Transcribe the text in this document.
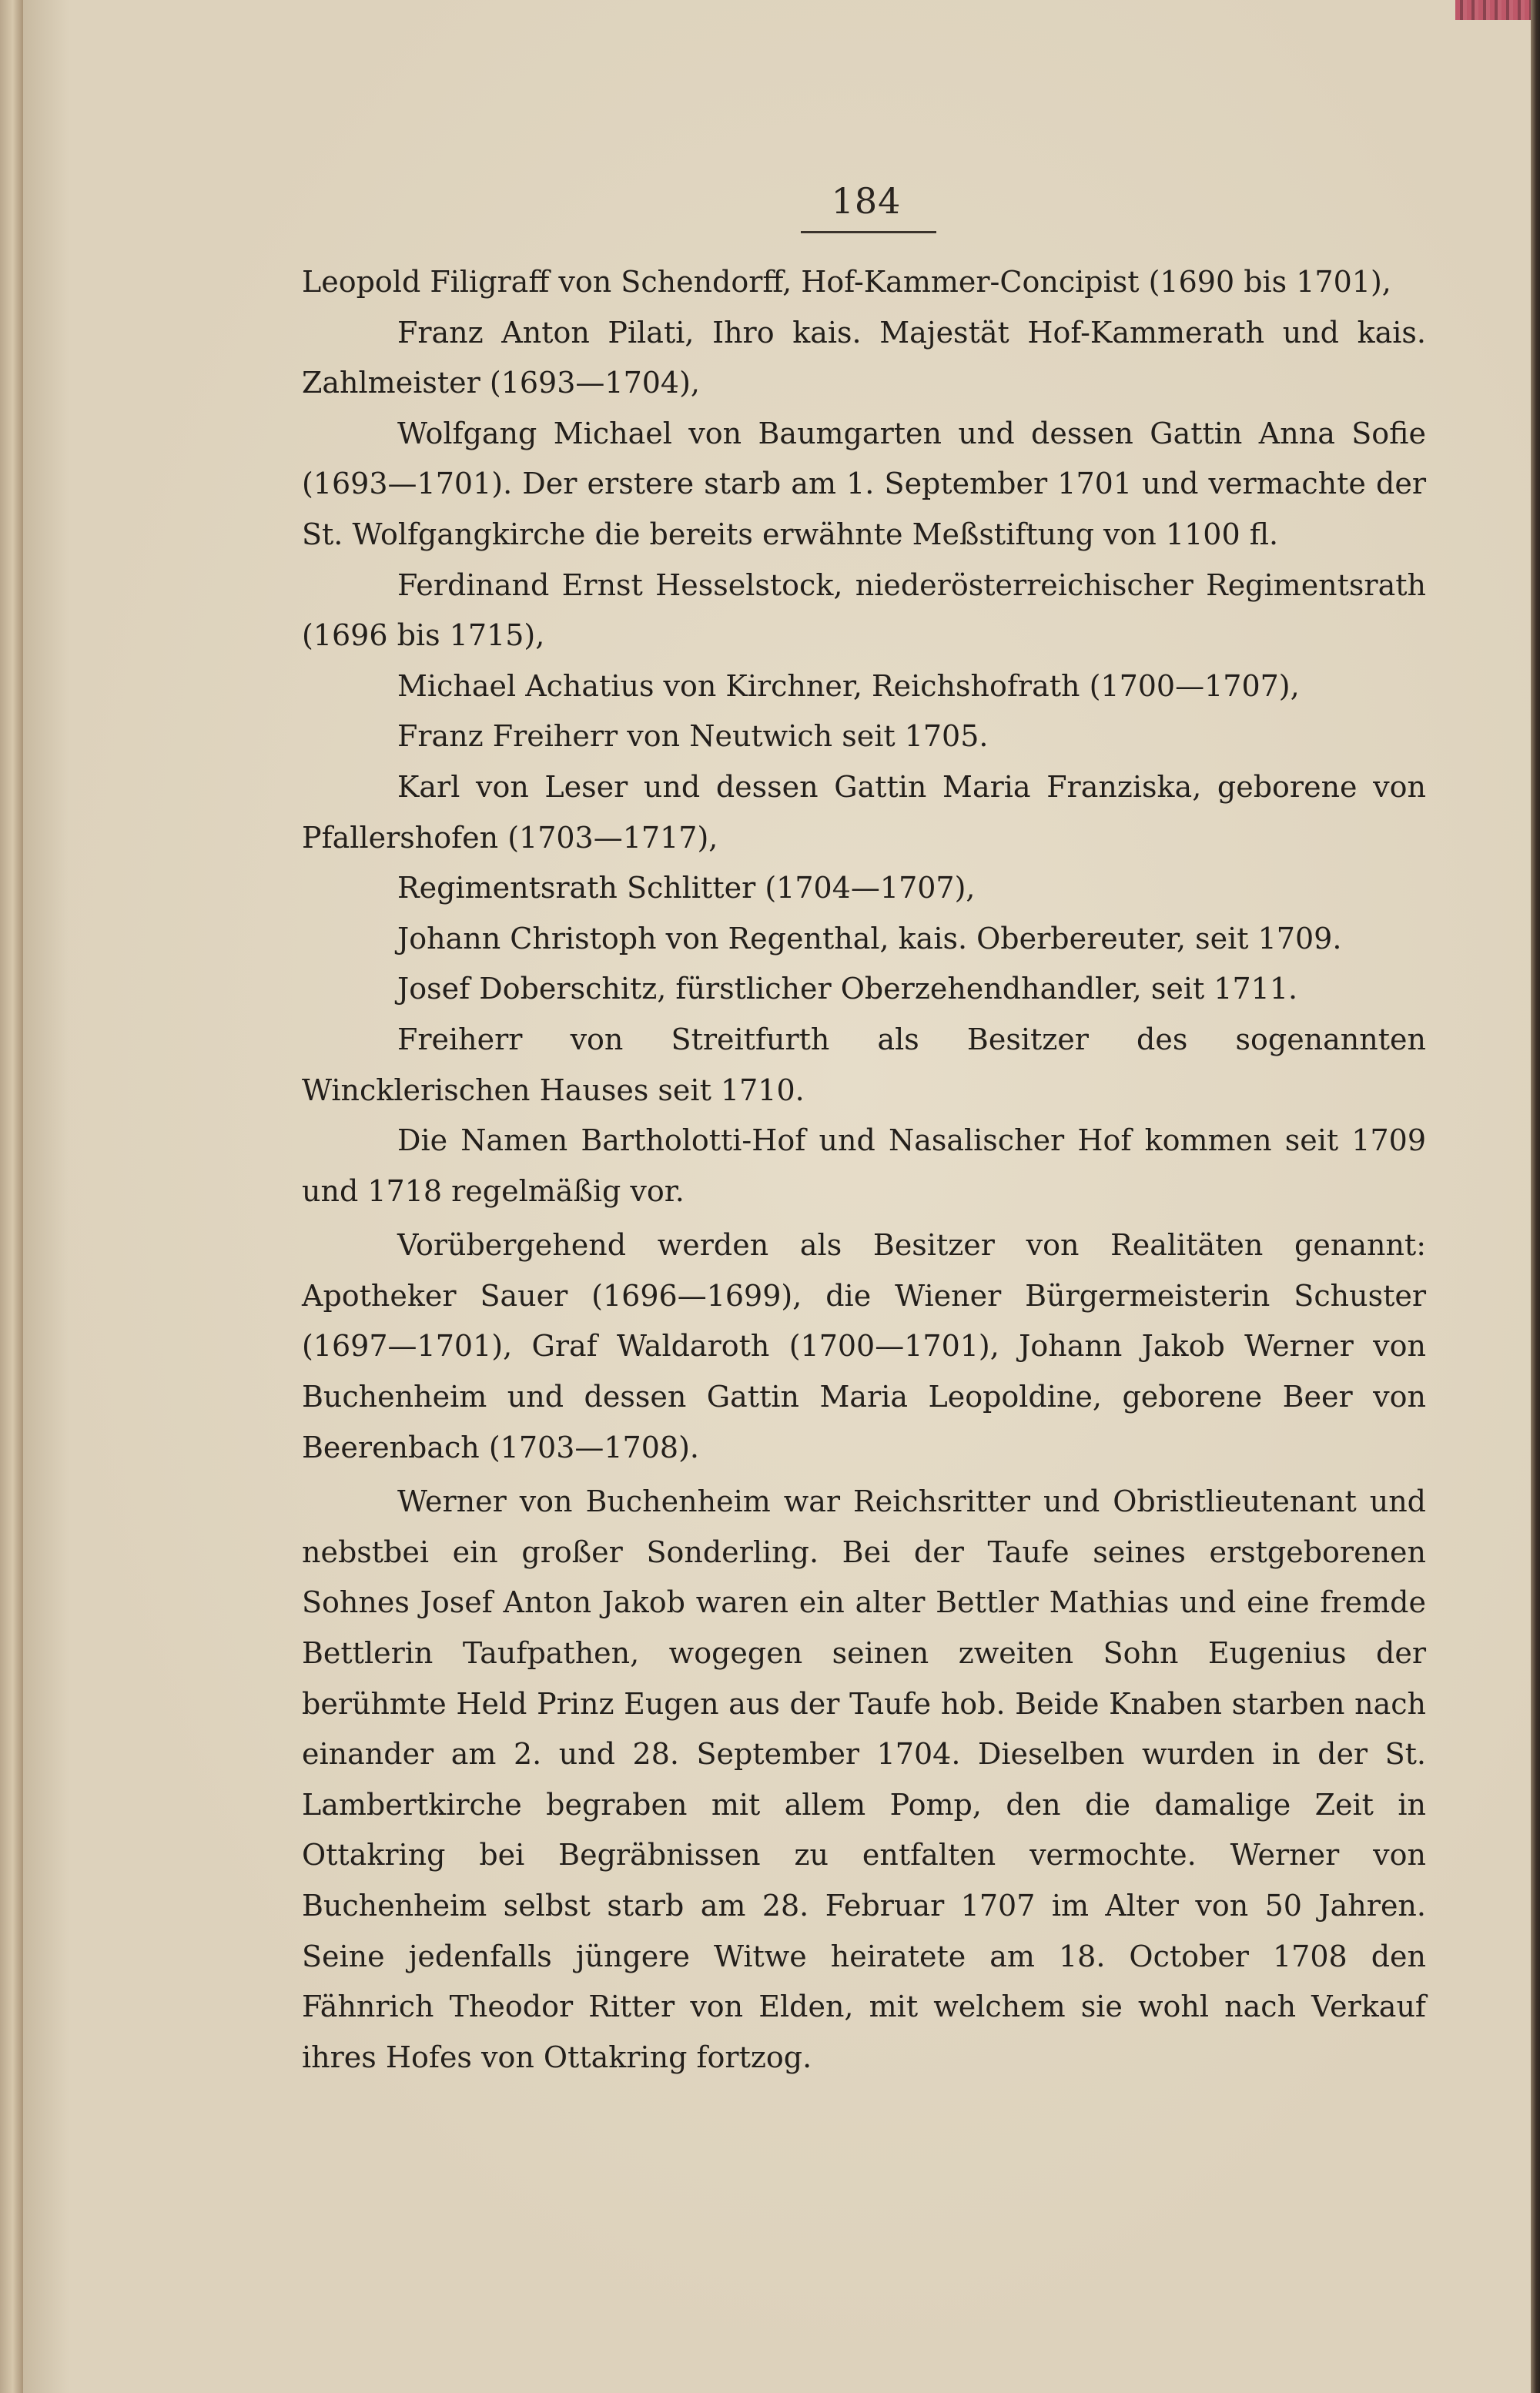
184

Leopold Filigraff von Schendorff, Hof-Kammer-Concipist (1690 bis 1701),

Franz Anton Pilati, Ihro kais. Majestät Hof-Kammerath und kais. Zahlmeister (1693—1704),

Wolfgang Michael von Baumgarten und dessen Gattin Anna Sofie (1693—1701). Der erstere starb am 1. September 1701 und vermachte der St. Wolfgangkirche die bereits erwähnte Meßstiftung von 1100 fl.

Ferdinand Ernst Hesselstock, niederösterreichischer Regimentsrath (1696 bis 1715),

Michael Achatius von Kirchner, Reichshofrath (1700—1707),

Franz Freiherr von Neutwich seit 1705.

Karl von Leser und dessen Gattin Maria Franziska, geborene von Pfallershofen (1703—1717),

Regimentsrath Schlitter (1704—1707),

Johann Christoph von Regenthal, kais. Oberbereuter, seit 1709.

Josef Doberschitz, fürstlicher Oberzehendhandler, seit 1711.

Freiherr von Streitfurth als Besitzer des sogenannten Wincklerischen Hauses seit 1710.

Die Namen Bartholotti-Hof und Nasalischer Hof kommen seit 1709 und 1718 regelmäßig vor.

Vorübergehend werden als Besitzer von Realitäten genannt: Apotheker Sauer (1696—1699), die Wiener Bürgermeisterin Schuster (1697—1701), Graf Waldaroth (1700—1701), Johann Jakob Werner von Buchenheim und dessen Gattin Maria Leopoldine, geborene Beer von Beerenbach (1703—1708).

Werner von Buchenheim war Reichsritter und Obristlieutenant und nebstbei ein großer Sonderling. Bei der Taufe seines erstgeborenen Sohnes Josef Anton Jakob waren ein alter Bettler Mathias und eine fremde Bettlerin Taufpathen, wogegen seinen zweiten Sohn Eugenius der berühmte Held Prinz Eugen aus der Taufe hob. Beide Knaben starben nach einander am 2. und 28. September 1704. Dieselben wurden in der St. Lambertkirche begraben mit allem Pomp, den die damalige Zeit in Ottakring bei Begräbnissen zu entfalten vermochte. Werner von Buchenheim selbst starb am 28. Februar 1707 im Alter von 50 Jahren. Seine jedenfalls jüngere Witwe heiratete am 18. October 1708 den Fähnrich Theodor Ritter von Elden, mit welchem sie wohl nach Verkauf ihres Hofes von Ottakring fortzog.
